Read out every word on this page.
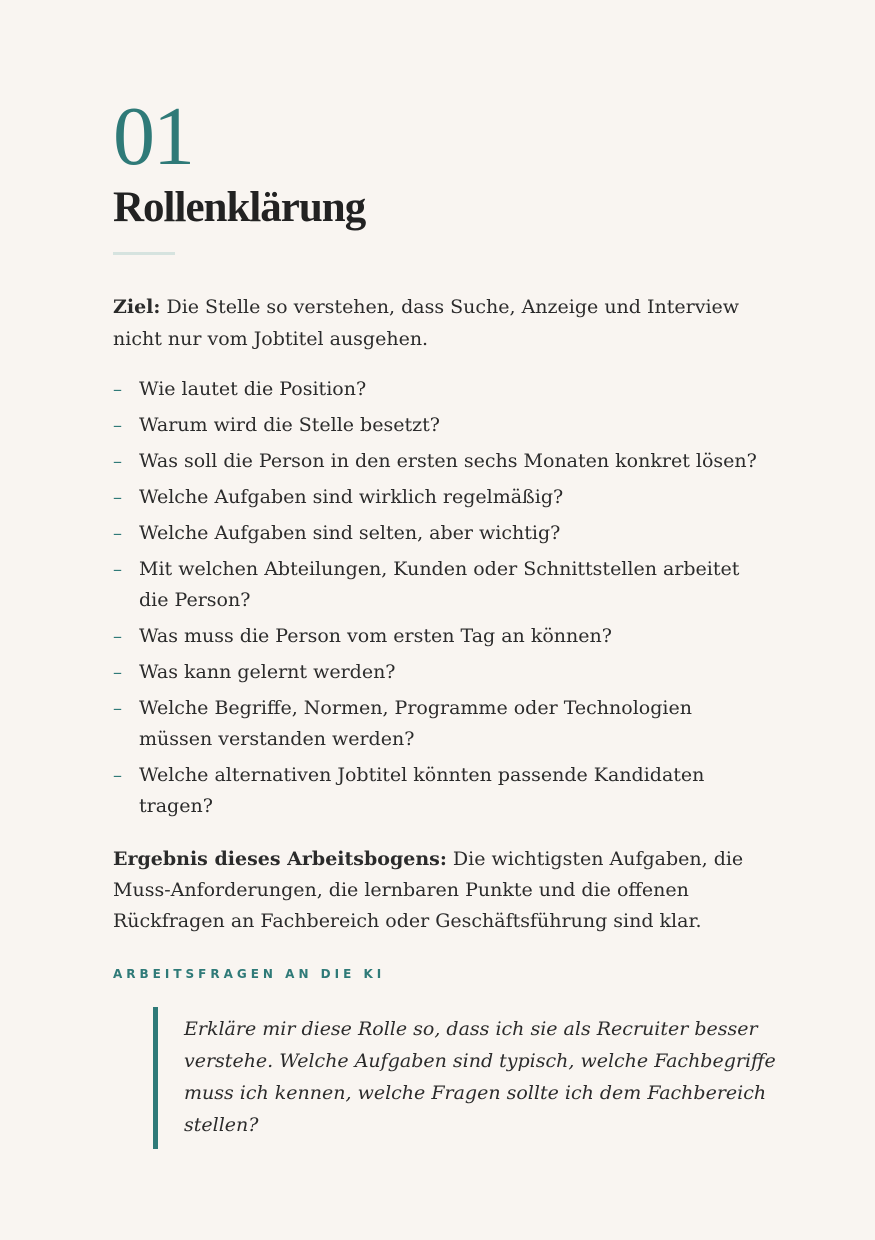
01
Rollenklärung

Ziel: Die Stelle so verstehen, dass Suche, Anzeige und Interview nicht nur vom Jobtitel ausgehen.

– Wie lautet die Position?
– Warum wird die Stelle besetzt?
– Was soll die Person in den ersten sechs Monaten konkret lösen?
– Welche Aufgaben sind wirklich regelmäßig?
– Welche Aufgaben sind selten, aber wichtig?
– Mit welchen Abteilungen, Kunden oder Schnittstellen arbeitet die Person?
– Was muss die Person vom ersten Tag an können?
– Was kann gelernt werden?
– Welche Begriffe, Normen, Programme oder Technologien müssen verstanden werden?
– Welche alternativen Jobtitel könnten passende Kandidaten tragen?

Ergebnis dieses Arbeitsbogens: Die wichtigsten Aufgaben, die Muss-Anforderungen, die lernbaren Punkte und die offenen Rückfragen an Fachbereich oder Geschäftsführung sind klar.

ARBEITSFRAGEN AN DIE KI
Erkläre mir diese Rolle so, dass ich sie als Recruiter besser verstehe. Welche Aufgaben sind typisch, welche Fachbegriffe muss ich kennen, welche Fragen sollte ich dem Fachbereich stellen?
